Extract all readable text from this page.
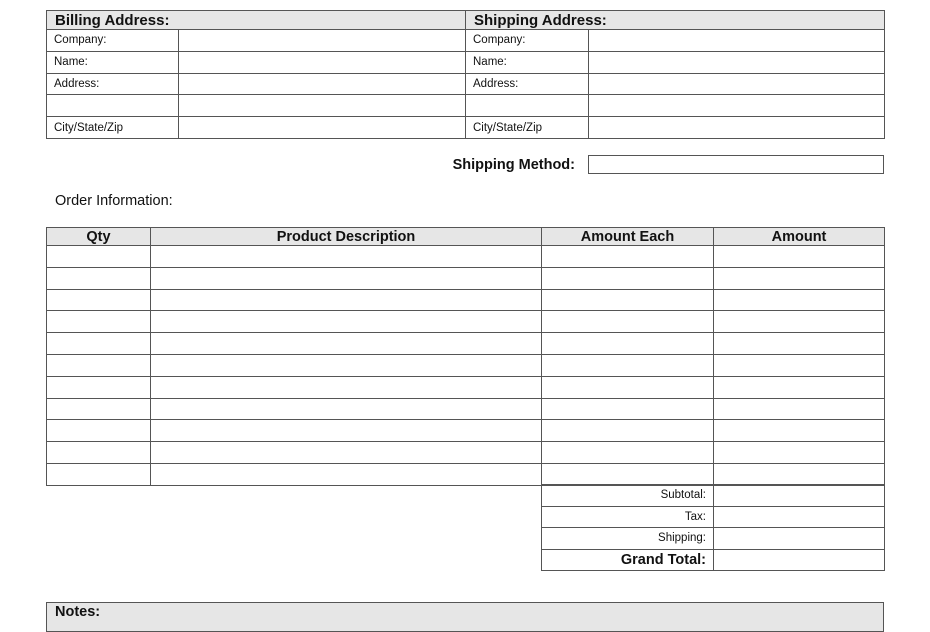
Billing Address:		Shipping Address:	
Company:		Company:	
Name:		Name:	
Address:		Address:	

City/State/Zip		City/State/Zip	
Shipping Method:
Order Information:
Qty	Product Description	Amount Each	Amount

Subtotal:	
Tax:	
Shipping:	
Grand Total:	
Notes:
